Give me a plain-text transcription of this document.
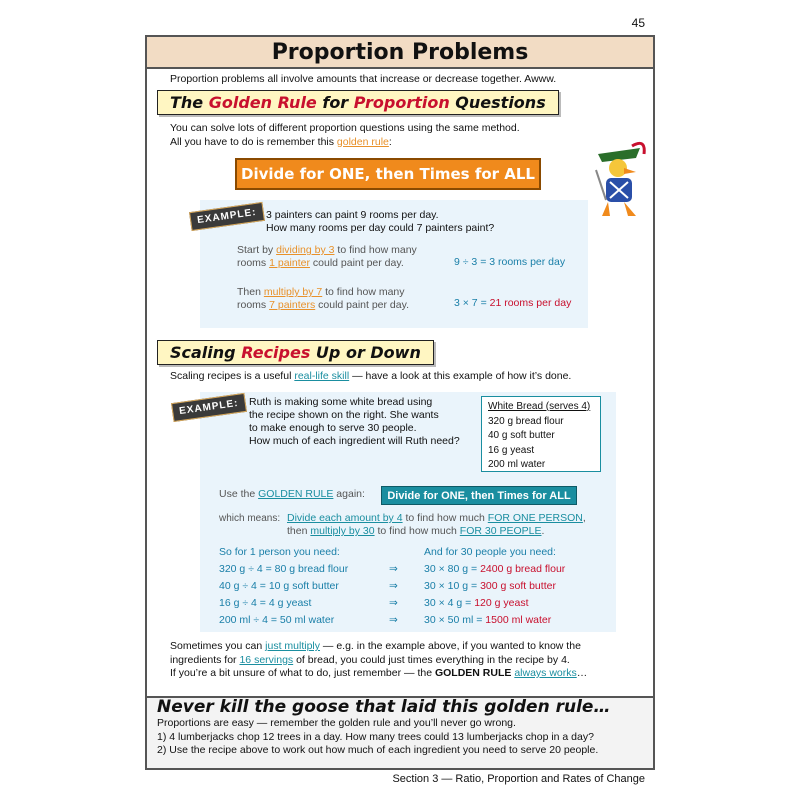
45
Proportion Problems
Proportion problems all involve amounts that increase or decrease together. Awww.
The Golden Rule for Proportion Questions
You can solve lots of different proportion questions using the same method.
All you have to do is remember this golden rule:
Divide for ONE, then Times for ALL
EXAMPLE: 3 painters can paint 9 rooms per day.
How many rooms per day could 7 painters paint?
Start by dividing by 3 to find how many
rooms 1 painter could paint per day.	9 ÷ 3 = 3 rooms per day
Then multiply by 7 to find how many
rooms 7 painters could paint per day.	3 × 7 = 21 rooms per day
Scaling Recipes Up or Down
Scaling recipes is a useful real-life skill — have a look at this example of how it’s done.
EXAMPLE: Ruth is making some white bread using
the recipe shown on the right. She wants
to make enough to serve 30 people.
How much of each ingredient will Ruth need?
White Bread (serves 4)
320 g bread flour
40 g soft butter
16 g yeast
200 ml water
Use the GOLDEN RULE again:	Divide for ONE, then Times for ALL
which means: Divide each amount by 4 to find how much FOR ONE PERSON,
then multiply by 30 to find how much FOR 30 PEOPLE.
So for 1 person you need:	And for 30 people you need:
320 g ÷ 4 = 80 g bread flour	⇒ 30 × 80 g = 2400 g bread flour
40 g ÷ 4 = 10 g soft butter	⇒ 30 × 10 g = 300 g soft butter
16 g ÷ 4 = 4 g yeast	⇒ 30 × 4 g = 120 g yeast
200 ml ÷ 4 = 50 ml water	⇒ 30 × 50 ml = 1500 ml water
Sometimes you can just multiply — e.g. in the example above, if you wanted to know the
ingredients for 16 servings of bread, you could just times everything in the recipe by 4.
If you’re a bit unsure of what to do, just remember — the GOLDEN RULE always works…
Never kill the goose that laid this golden rule…
Proportions are easy — remember the golden rule and you’ll never go wrong.
1) 4 lumberjacks chop 12 trees in a day. How many trees could 13 lumberjacks chop in a day?
2) Use the recipe above to work out how much of each ingredient you need to serve 20 people.
Section 3 — Ratio, Proportion and Rates of Change
